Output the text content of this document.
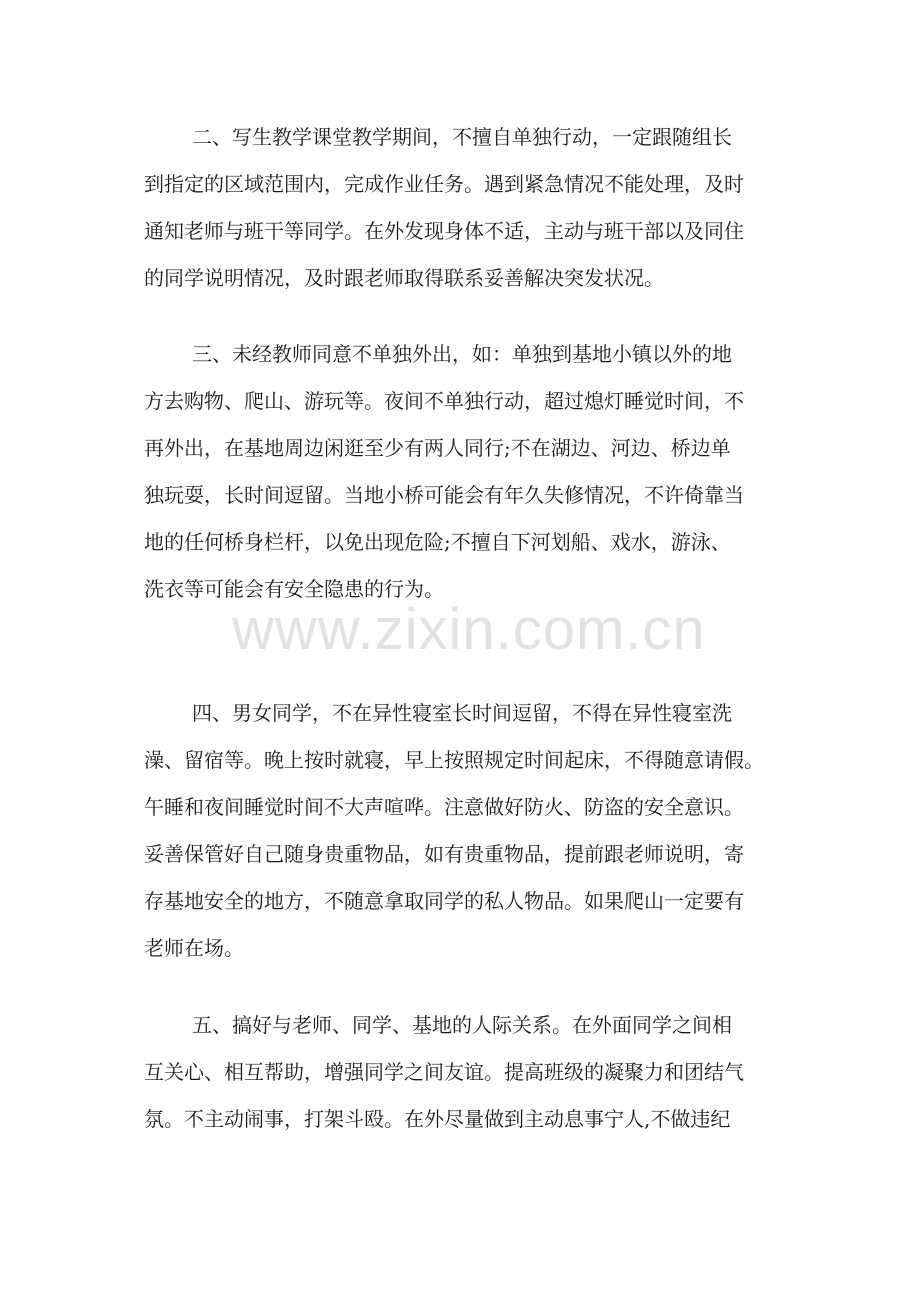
二、写生教学课堂教学期间，不擅自单独行动，一定跟随组长
到指定的区域范围内，完成作业任务。遇到紧急情况不能处理，及时
通知老师与班干等同学。在外发现身体不适，主动与班干部以及同住
的同学说明情况，及时跟老师取得联系妥善解决突发状况。
三、未经教师同意不单独外出，如：单独到基地小镇以外的地
方去购物、爬山、游玩等。夜间不单独行动，超过熄灯睡觉时间，不
再外出，在基地周边闲逛至少有两人同行;不在湖边、河边、桥边单
独玩耍，长时间逗留。当地小桥可能会有年久失修情况，不许倚靠当
地的任何桥身栏杆，以免出现危险;不擅自下河划船、戏水，游泳、
洗衣等可能会有安全隐患的行为。
四、男女同学，不在异性寝室长时间逗留，不得在异性寝室洗
澡、留宿等。晚上按时就寝，早上按照规定时间起床，不得随意请假。
午睡和夜间睡觉时间不大声喧哗。注意做好防火、防盗的安全意识。
妥善保管好自己随身贵重物品，如有贵重物品，提前跟老师说明，寄
存基地安全的地方，不随意拿取同学的私人物品。如果爬山一定要有
老师在场。
五、搞好与老师、同学、基地的人际关系。在外面同学之间相
互关心、相互帮助，增强同学之间友谊。提高班级的凝聚力和团结气
氛。不主动闹事，打架斗殴。在外尽量做到主动息事宁人,不做违纪
www.zixin.com.cn
